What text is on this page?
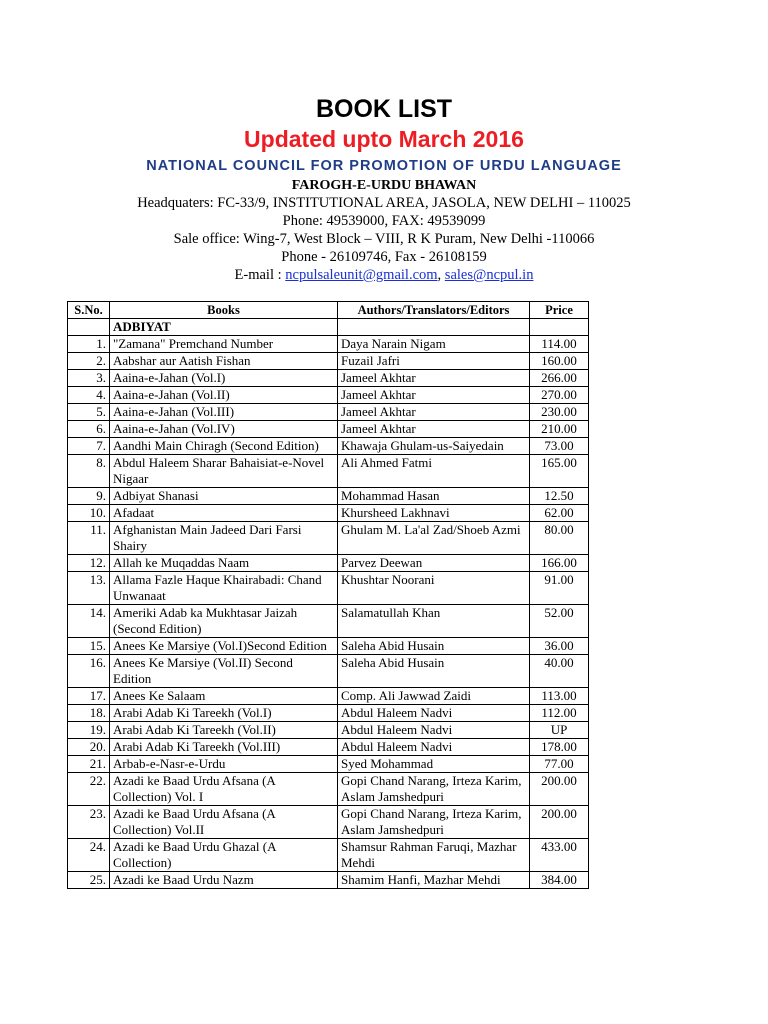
BOOK LIST
Updated upto March 2016
NATIONAL COUNCIL FOR PROMOTION OF URDU LANGUAGE
FAROGH-E-URDU BHAWAN
Headquaters: FC-33/9, INSTITUTIONAL AREA, JASOLA, NEW DELHI – 110025
Phone: 49539000, FAX: 49539099
Sale office: Wing-7, West Block – VIII, R K Puram, New Delhi -110066
Phone - 26109746, Fax - 26108159
E-mail : ncpulsaleunit@gmail.com, sales@ncpul.in
S.No.	Books	Authors/Translators/Editors	Price
	ADBIYAT		
1.	"Zamana" Premchand Number	Daya Narain Nigam	114.00
2.	Aabshar aur Aatish Fishan	Fuzail Jafri	160.00
3.	Aaina-e-Jahan (Vol.I)	Jameel Akhtar	266.00
4.	Aaina-e-Jahan (Vol.II)	Jameel Akhtar	270.00
5.	Aaina-e-Jahan (Vol.III)	Jameel Akhtar	230.00
6.	Aaina-e-Jahan (Vol.IV)	Jameel Akhtar	210.00
7.	Aandhi Main Chiragh (Second Edition)	Khawaja Ghulam-us-Saiyedain	73.00
8.	Abdul Haleem Sharar Bahaisiat-e-Novel Nigaar	Ali Ahmed Fatmi	165.00
9.	Adbiyat Shanasi	Mohammad Hasan	12.50
10.	Afadaat	Khursheed Lakhnavi	62.00
11.	Afghanistan Main Jadeed Dari Farsi Shairy	Ghulam M. La'al Zad/Shoeb Azmi	80.00
12.	Allah ke Muqaddas Naam	Parvez Deewan	166.00
13.	Allama Fazle Haque Khairabadi: Chand Unwanaat	Khushtar Noorani	91.00
14.	Ameriki Adab ka Mukhtasar Jaizah (Second Edition)	Salamatullah Khan	52.00
15.	Anees Ke Marsiye (Vol.I)Second Edition	Saleha Abid Husain	36.00
16.	Anees Ke Marsiye (Vol.II) Second Edition	Saleha Abid Husain	40.00
17.	Anees Ke Salaam	Comp. Ali Jawwad Zaidi	113.00
18.	Arabi Adab Ki Tareekh (Vol.I)	Abdul Haleem Nadvi	112.00
19.	Arabi Adab Ki Tareekh (Vol.II)	Abdul Haleem Nadvi	UP
20.	Arabi Adab Ki Tareekh (Vol.III)	Abdul Haleem Nadvi	178.00
21.	Arbab-e-Nasr-e-Urdu	Syed Mohammad	77.00
22.	Azadi ke Baad Urdu Afsana (A Collection) Vol. I	Gopi Chand Narang, Irteza Karim, Aslam Jamshedpuri	200.00
23.	Azadi ke Baad Urdu Afsana (A Collection) Vol.II	Gopi Chand Narang, Irteza Karim, Aslam Jamshedpuri	200.00
24.	Azadi ke Baad Urdu Ghazal (A Collection)	Shamsur Rahman Faruqi, Mazhar Mehdi	433.00
25.	Azadi ke Baad Urdu Nazm	Shamim Hanfi, Mazhar Mehdi	384.00
